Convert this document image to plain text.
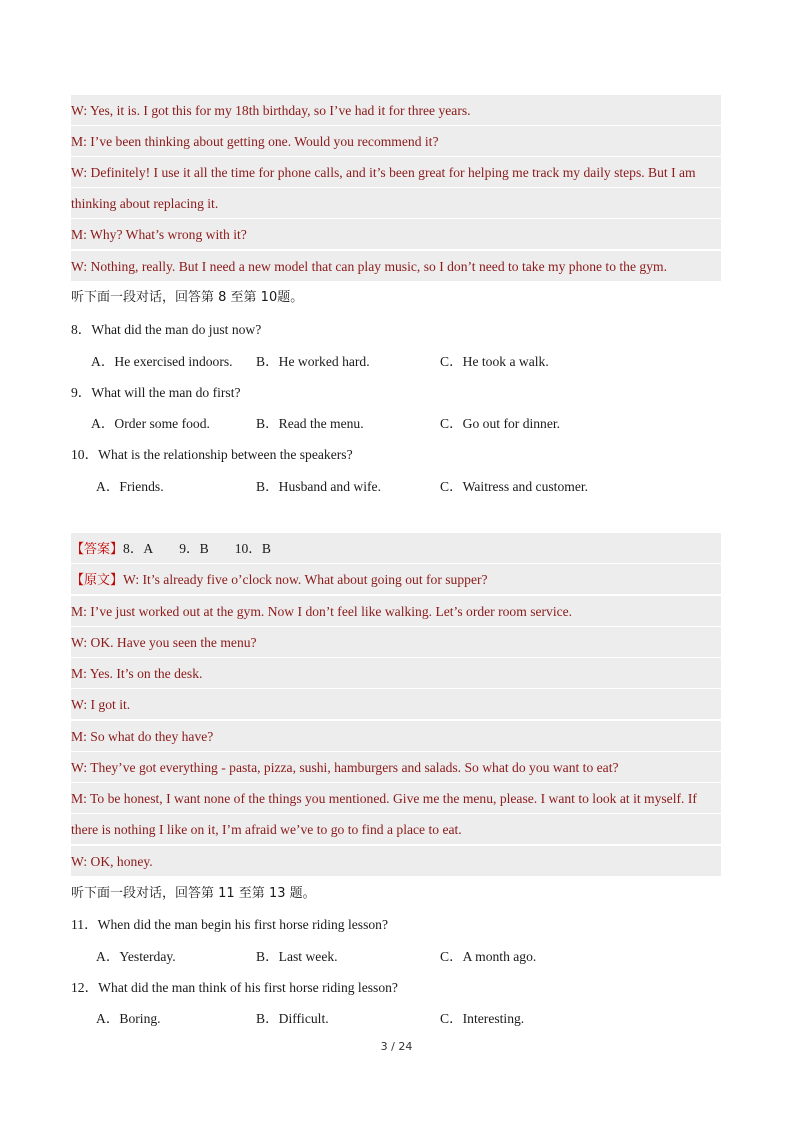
W: Yes, it is. I got this for my 18th birthday, so I’ve had it for three years.
M: I’ve been thinking about getting one. Would you recommend it?
W: Definitely! I use it all the time for phone calls, and it’s been great for helping me track my daily steps. But I am
thinking about replacing it.
M: Why? What’s wrong with it?
W: Nothing, really. But I need a new model that can play music, so I don’t need to take my phone to the gym.
听下面一段对话，回答第 8 至第 10题。
8．What did the man do just now?
A．He exercised indoors. B．He worked hard.	C．He took a walk.
9．What will the man do first?
A．Order some food.	B．Read the menu.	C．Go out for dinner.
10．What is the relationship between the speakers?
A．Friends.	B．Husband and wife.	C．Waitress and customer.
【答案】8．A 9．B 10．B
【原文】W: It’s already five o’clock now. What about going out for supper?
M: I’ve just worked out at the gym. Now I don’t feel like walking. Let’s order room service.
W: OK. Have you seen the menu?
M: Yes. It’s on the desk.
W: I got it.
M: So what do they have?
W: They’ve got everything - pasta, pizza, sushi, hamburgers and salads. So what do you want to eat?
M: To be honest, I want none of the things you mentioned. Give me the menu, please. I want to look at it myself. If
there is nothing I like on it, I’m afraid we’ve to go to find a place to eat.
W: OK, honey.
听下面一段对话，回答第 11 至第 13 题。
11．When did the man begin his first horse riding lesson?
A．Yesterday.	B．Last week.	C．A month ago.
12．What did the man think of his first horse riding lesson?
A．Boring.	B．Difficult.	C．Interesting.
3 / 24
